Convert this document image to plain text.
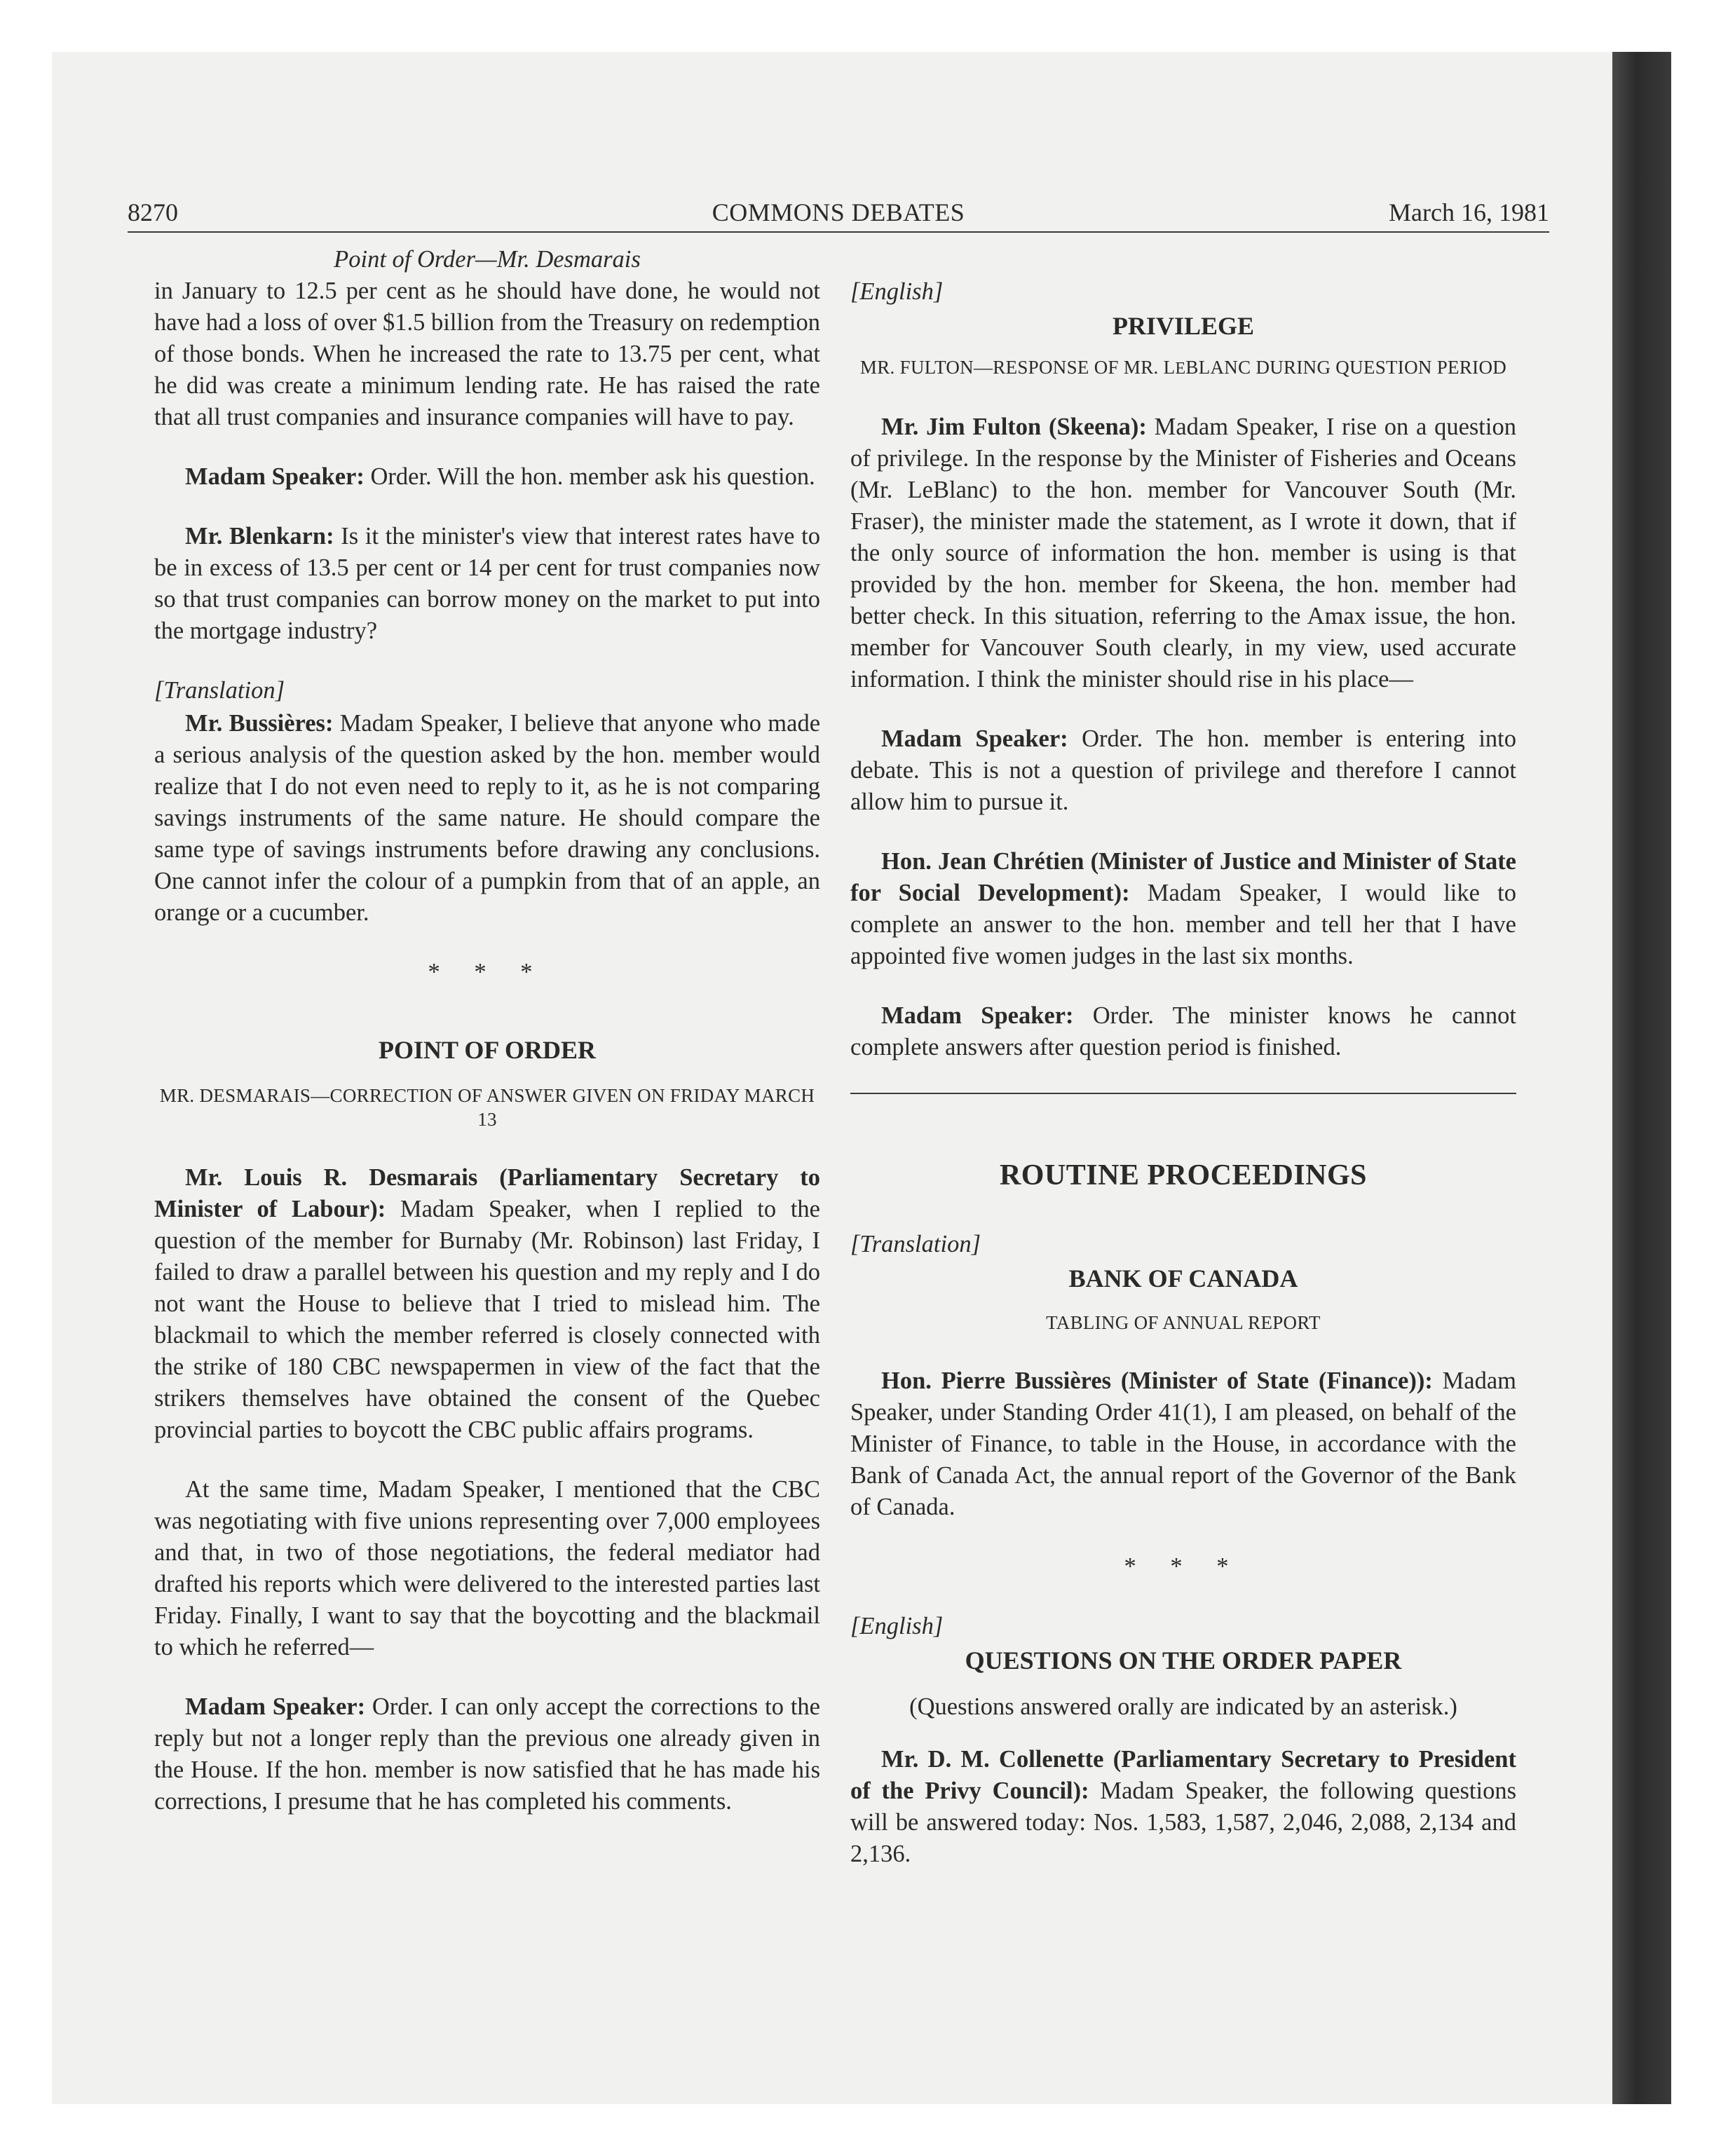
8270	COMMONS DEBATES	March 16, 1981

Point of Order—Mr. Desmarais

in January to 12.5 per cent as he should have done, he would not have had a loss of over $1.5 billion from the Treasury on redemption of those bonds. When he increased the rate to 13.75 per cent, what he did was create a minimum lending rate. He has raised the rate that all trust companies and insurance companies will have to pay.

Madam Speaker: Order. Will the hon. member ask his question.

Mr. Blenkarn: Is it the minister's view that interest rates have to be in excess of 13.5 per cent or 14 per cent for trust companies now so that trust companies can borrow money on the market to put into the mortgage industry?

[Translation]

Mr. Bussières: Madam Speaker, I believe that anyone who made a serious analysis of the question asked by the hon. member would realize that I do not even need to reply to it, as he is not comparing savings instruments of the same nature. He should compare the same type of savings instruments before drawing any conclusions. One cannot infer the colour of a pumpkin from that of an apple, an orange or a cucumber.

* * *

POINT OF ORDER

MR. DESMARAIS—CORRECTION OF ANSWER GIVEN ON FRIDAY MARCH 13

Mr. Louis R. Desmarais (Parliamentary Secretary to Minister of Labour): Madam Speaker, when I replied to the question of the member for Burnaby (Mr. Robinson) last Friday, I failed to draw a parallel between his question and my reply and I do not want the House to believe that I tried to mislead him. The blackmail to which the member referred is closely connected with the strike of 180 CBC newspapermen in view of the fact that the strikers themselves have obtained the consent of the Quebec provincial parties to boycott the CBC public affairs programs.

At the same time, Madam Speaker, I mentioned that the CBC was negotiating with five unions representing over 7,000 employees and that, in two of those negotiations, the federal mediator had drafted his reports which were delivered to the interested parties last Friday. Finally, I want to say that the boycotting and the blackmail to which he referred—

Madam Speaker: Order. I can only accept the corrections to the reply but not a longer reply than the previous one already given in the House. If the hon. member is now satisfied that he has made his corrections, I presume that he has completed his comments.

[English]

PRIVILEGE

MR. FULTON—RESPONSE OF MR. LEBLANC DURING QUESTION PERIOD

Mr. Jim Fulton (Skeena): Madam Speaker, I rise on a question of privilege. In the response by the Minister of Fisheries and Oceans (Mr. LeBlanc) to the hon. member for Vancouver South (Mr. Fraser), the minister made the statement, as I wrote it down, that if the only source of information the hon. member is using is that provided by the hon. member for Skeena, the hon. member had better check. In this situation, referring to the Amax issue, the hon. member for Vancouver South clearly, in my view, used accurate information. I think the minister should rise in his place—

Madam Speaker: Order. The hon. member is entering into debate. This is not a question of privilege and therefore I cannot allow him to pursue it.

Hon. Jean Chrétien (Minister of Justice and Minister of State for Social Development): Madam Speaker, I would like to complete an answer to the hon. member and tell her that I have appointed five women judges in the last six months.

Madam Speaker: Order. The minister knows he cannot complete answers after question period is finished.

ROUTINE PROCEEDINGS

[Translation]

BANK OF CANADA

TABLING OF ANNUAL REPORT

Hon. Pierre Bussières (Minister of State (Finance)): Madam Speaker, under Standing Order 41(1), I am pleased, on behalf of the Minister of Finance, to table in the House, in accordance with the Bank of Canada Act, the annual report of the Governor of the Bank of Canada.

* * *

[English]

QUESTIONS ON THE ORDER PAPER

(Questions answered orally are indicated by an asterisk.)

Mr. D. M. Collenette (Parliamentary Secretary to President of the Privy Council): Madam Speaker, the following questions will be answered today: Nos. 1,583, 1,587, 2,046, 2,088, 2,134 and 2,136.
